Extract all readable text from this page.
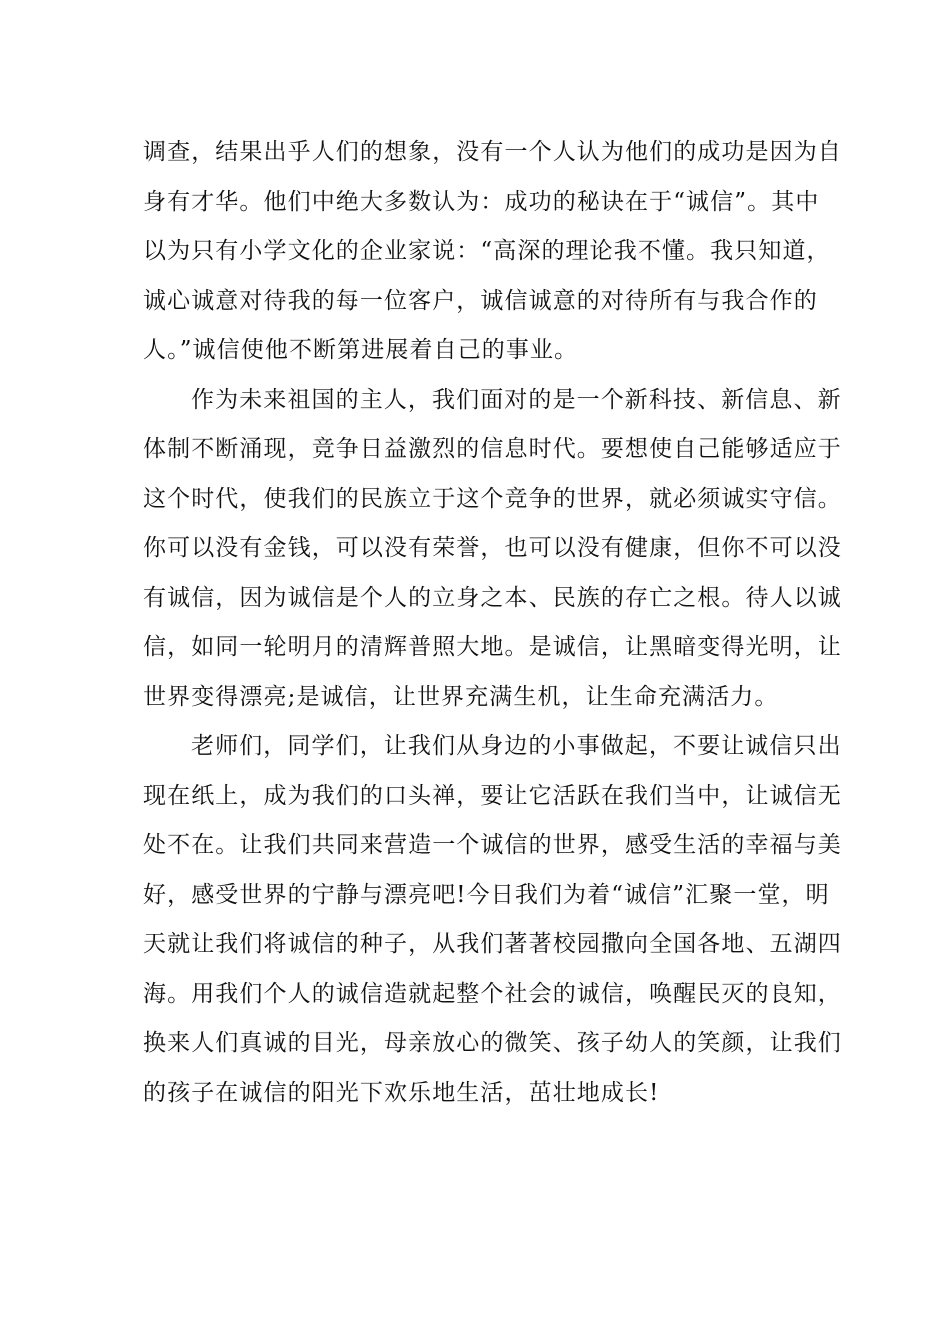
调查，结果出乎人们的想象，没有一个人认为他们的成功是因为自
身有才华。他们中绝大多数认为：成功的秘诀在于“诚信”。其中
以为只有小学文化的企业家说：“高深的理论我不懂。我只知道，
诚心诚意对待我的每一位客户，诚信诚意的对待所有与我合作的
人。”诚信使他不断第进展着自己的事业。
作为未来祖国的主人，我们面对的是一个新科技、新信息、新
体制不断涌现，竞争日益激烈的信息时代。要想使自己能够适应于
这个时代，使我们的民族立于这个竞争的世界，就必须诚实守信。
你可以没有金钱，可以没有荣誉，也可以没有健康，但你不可以没
有诚信，因为诚信是个人的立身之本、民族的存亡之根。待人以诚
信，如同一轮明月的清辉普照大地。是诚信，让黑暗变得光明，让
世界变得漂亮;是诚信，让世界充满生机，让生命充满活力。
老师们，同学们，让我们从身边的小事做起，不要让诚信只出
现在纸上，成为我们的口头禅，要让它活跃在我们当中，让诚信无
处不在。让我们共同来营造一个诚信的世界，感受生活的幸福与美
好，感受世界的宁静与漂亮吧!今日我们为着“诚信”汇聚一堂，明
天就让我们将诚信的种子，从我们著著校园撒向全国各地、五湖四
海。用我们个人的诚信造就起整个社会的诚信，唤醒民灭的良知，
换来人们真诚的目光，母亲放心的微笑、孩子幼人的笑颜，让我们
的孩子在诚信的阳光下欢乐地生活，茁壮地成长!
